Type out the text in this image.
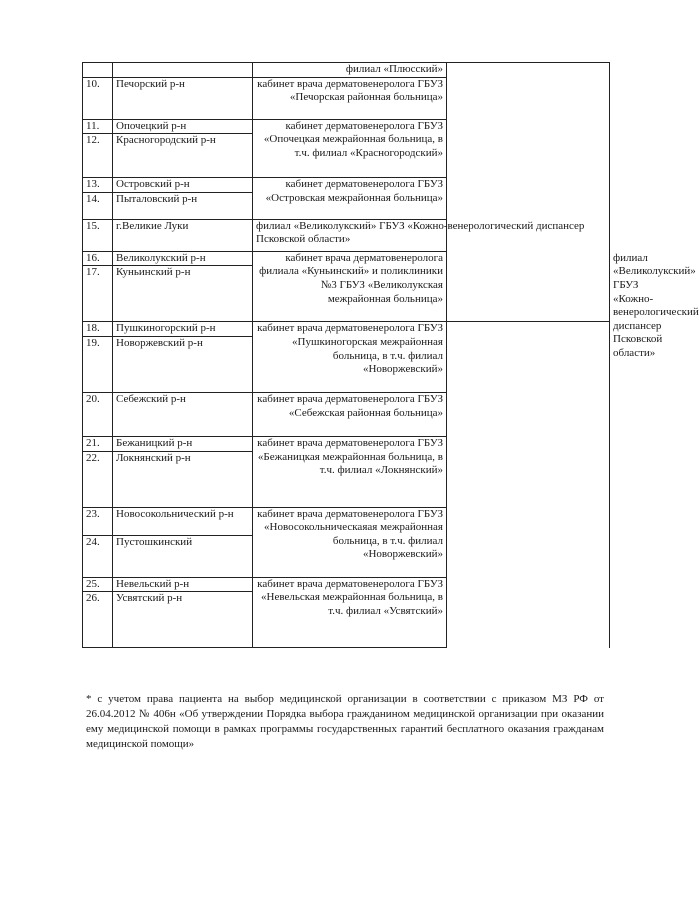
		филиал «Плюсский»		
10.	Печорский р-н	кабинет врача дерматовенеролога ГБУЗ «Печорская районная больница»		
11.	Опочецкий р-н	кабинет дерматовенеролога ГБУЗ «Опочецкая межрайонная больница, в т.ч. филиал «Красногородский»		
12.	Красногородский р-н			
13.	Островский р-н	кабинет дерматовенеролога ГБУЗ «Островская межрайонная больница»		
14.	Пыталовский р-н			
15.	г.Великие Луки	филиал «Великолукский» ГБУЗ «Кожно-венерологический диспансер Псковской области»		
16.	Великолукский р-н	кабинет врача дерматовенеролога филиала «Куньинский» и поликлиники №3 ГБУЗ «Великолукская межрайонная больница»		филиал «Великолукский» ГБУЗ «Кожно-венерологический диспансер Псковской области»
17.	Куньинский р-н			
18.	Пушкиногорский р-н	кабинет врача дерматовенеролога ГБУЗ «Пушкиногорская межрайонная больница, в т.ч. филиал «Новоржевский»		
19.	Новоржевский р-н			
20.	Себежский р-н	кабинет врача дерматовенеролога ГБУЗ «Себежская районная больница»		
21.	Бежаницкий р-н	кабинет врача дерматовенеролога ГБУЗ «Бежаницкая межрайонная больница, в т.ч. филиал «Локнянский»		
22.	Локнянский р-н			
23.	Новосокольнический р-н	кабинет врача дерматовенеролога ГБУЗ «Новосокольническаяая межрайонная больница, в т.ч. филиал «Новоржевский»		
24.	Пустошкинский			
25.	Невельский р-н	кабинет врача дерматовенеролога ГБУЗ «Невельская межрайонная больница, в т.ч. филиал «Усвятский»		
26.	Усвятский р-н			
* с учетом права пациента на выбор медицинской организации в соответствии с приказом МЗ РФ от 26.04.2012 № 406н «Об утверждении Порядка выбора гражданином медицинской организации при оказании ему медицинской помощи в рамках программы государственных гарантий бесплатного оказания гражданам медицинской помощи»
